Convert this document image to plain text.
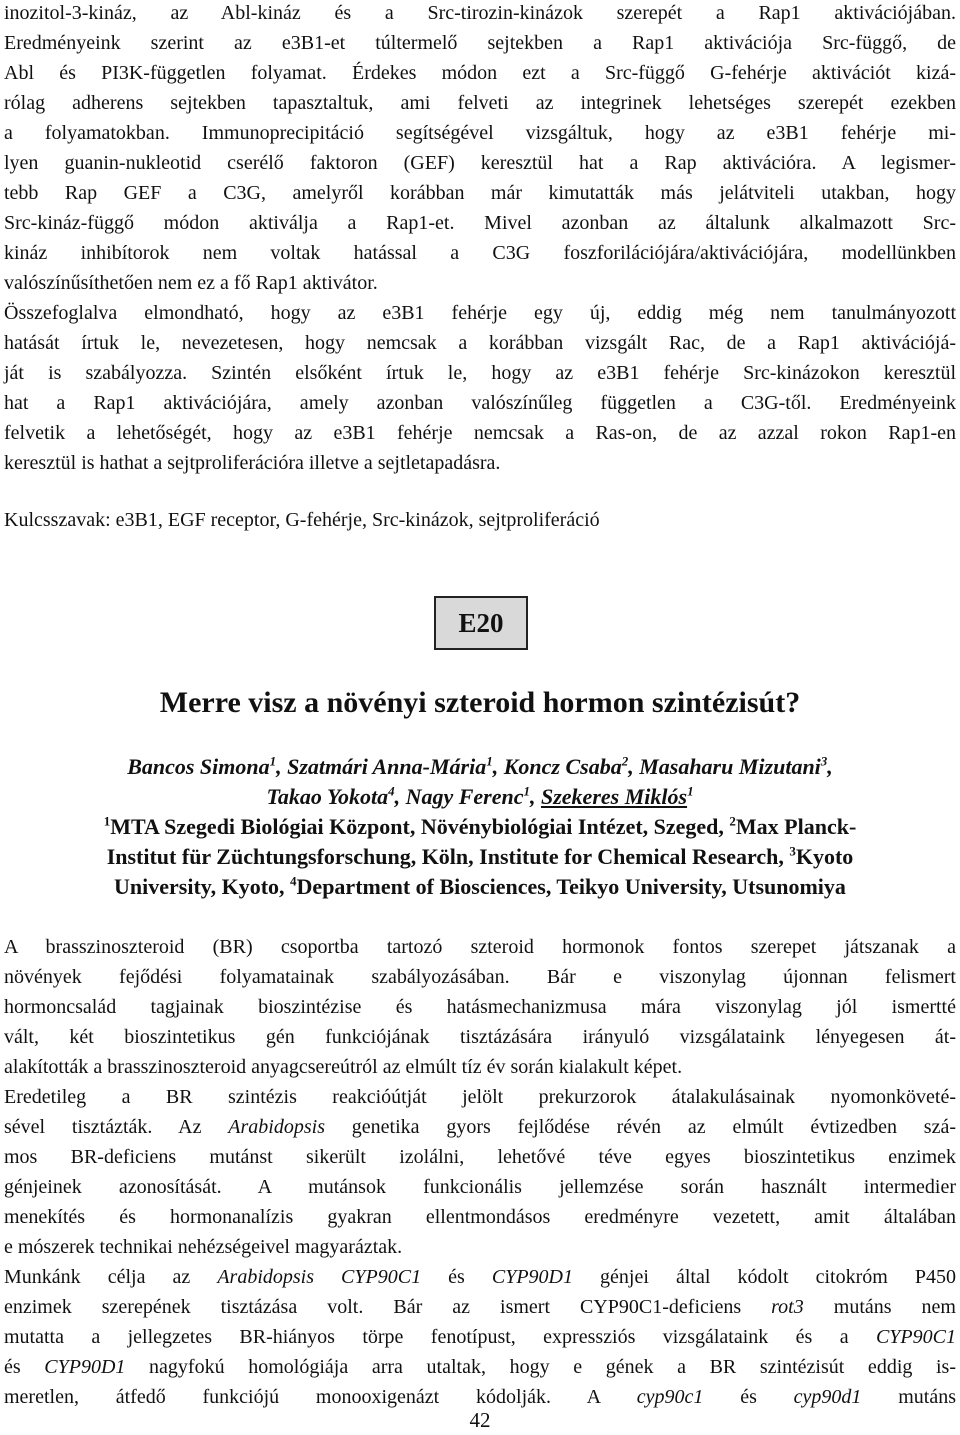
inozitol-3-kináz, az Abl-kináz és a Src-tirozin-kinázok szerepét a Rap1 aktivációjában.

Eredményeink szerint az e3B1-et túltermelő sejtekben a Rap1 aktivációja Src-függő, de

Abl és PI3K-független folyamat. Érdekes módon ezt a Src-függő G-fehérje aktivációt kizá-

rólag adherens sejtekben tapasztaltuk, ami felveti az integrinek lehetséges szerepét ezekben

a folyamatokban. Immunoprecipitáció segítségével vizsgáltuk, hogy az e3B1 fehérje mi-

lyen guanin-nukleotid cserélő faktoron (GEF) keresztül hat a Rap aktivációra. A legismer-

tebb Rap GEF a C3G, amelyről korábban már kimutatták más jelátviteli utakban, hogy

Src-kináz-függő módon aktiválja a Rap1-et. Mivel azonban az általunk alkalmazott Src-

kináz inhibítorok nem voltak hatással a C3G foszforilációjára/aktivációjára, modellünkben

valószínűsíthetően nem ez a fő Rap1 aktivátor.

Összefoglalva elmondható, hogy az e3B1 fehérje egy új, eddig még nem tanulmányozott

hatását írtuk le, nevezetesen, hogy nemcsak a korábban vizsgált Rac, de a Rap1 aktivációjá-

ját is szabályozza. Szintén elsőként írtuk le, hogy az e3B1 fehérje Src-kinázokon keresztül

hat a Rap1 aktivációjára, amely azonban valószínűleg független a C3G-től. Eredményeink

felvetik a lehetőségét, hogy az e3B1 fehérje nemcsak a Ras-on, de az azzal rokon Rap1-en

keresztül is hathat a sejtproliferációra illetve a sejtletapadásra.

Kulcsszavak: e3B1, EGF receptor, G-fehérje, Src-kinázok, sejtproliferáció
E20
Merre visz a növényi szteroid hormon szintézisút?
Bancos Simona$^1$, Szatmári Anna-Mária$^1$, Koncz Csaba$^2$, Masaharu Mizutani$^3$,
Takao Yokota$^4$, Nagy Ferenc$^1$, Szekeres Miklós$^1$
$^1$MTA Szegedi Biológiai Központ, Növénybiológiai Intézet, Szeged, $^2$Max Planck-
Institut für Züchtungsforschung, Köln, Institute for Chemical Research, $^3$Kyoto
University, Kyoto, $^4$Department of Biosciences, Teikyo University, Utsunomiya

A brasszinoszteroid (BR) csoportba tartozó szteroid hormonok fontos szerepet játszanak a

növények fejődési folyamatainak szabályozásában. Bár e viszonylag újonnan felismert

hormoncsalád tagjainak bioszintézise és hatásmechanizmusa mára viszonylag jól ismertté

vált, két bioszintetikus gén funkciójának tisztázására irányuló vizsgálataink lényegesen át-

alakították a brasszinoszteroid anyagcsereútról az elmúlt tíz év során kialakult képet.

Eredetileg a BR szintézis reakcióútját jelölt prekurzorok átalakulásainak nyomonköveté-

sével tisztázták. Az Arabidopsis genetika gyors fejlődése révén az elmúlt évtizedben szá-

mos BR-deficiens mutánst sikerült izolálni, lehetővé téve egyes bioszintetikus enzimek

génjeinek azonosítását. A mutánsok funkcionális jellemzése során használt intermedier

menekítés és hormonanalízis gyakran ellentmondásos eredményre vezetett, amit általában

e mószerek technikai nehézségeivel magyaráztak.

Munkánk célja az Arabidopsis CYP90C1 és CYP90D1 génjei által kódolt citokróm P450

enzimek szerepének tisztázása volt. Bár az ismert CYP90C1-deficiens rot3 mutáns nem

mutatta a jellegzetes BR-hiányos törpe fenotípust, expressziós vizsgálataink és a CYP90C1

és CYP90D1 nagyfokú homológiája arra utaltak, hogy e gének a BR szintézisút eddig is-

meretlen, átfedő funkciójú monooxigenázt kódolják. A cyp90c1 és cyp90d1 mutáns

42
